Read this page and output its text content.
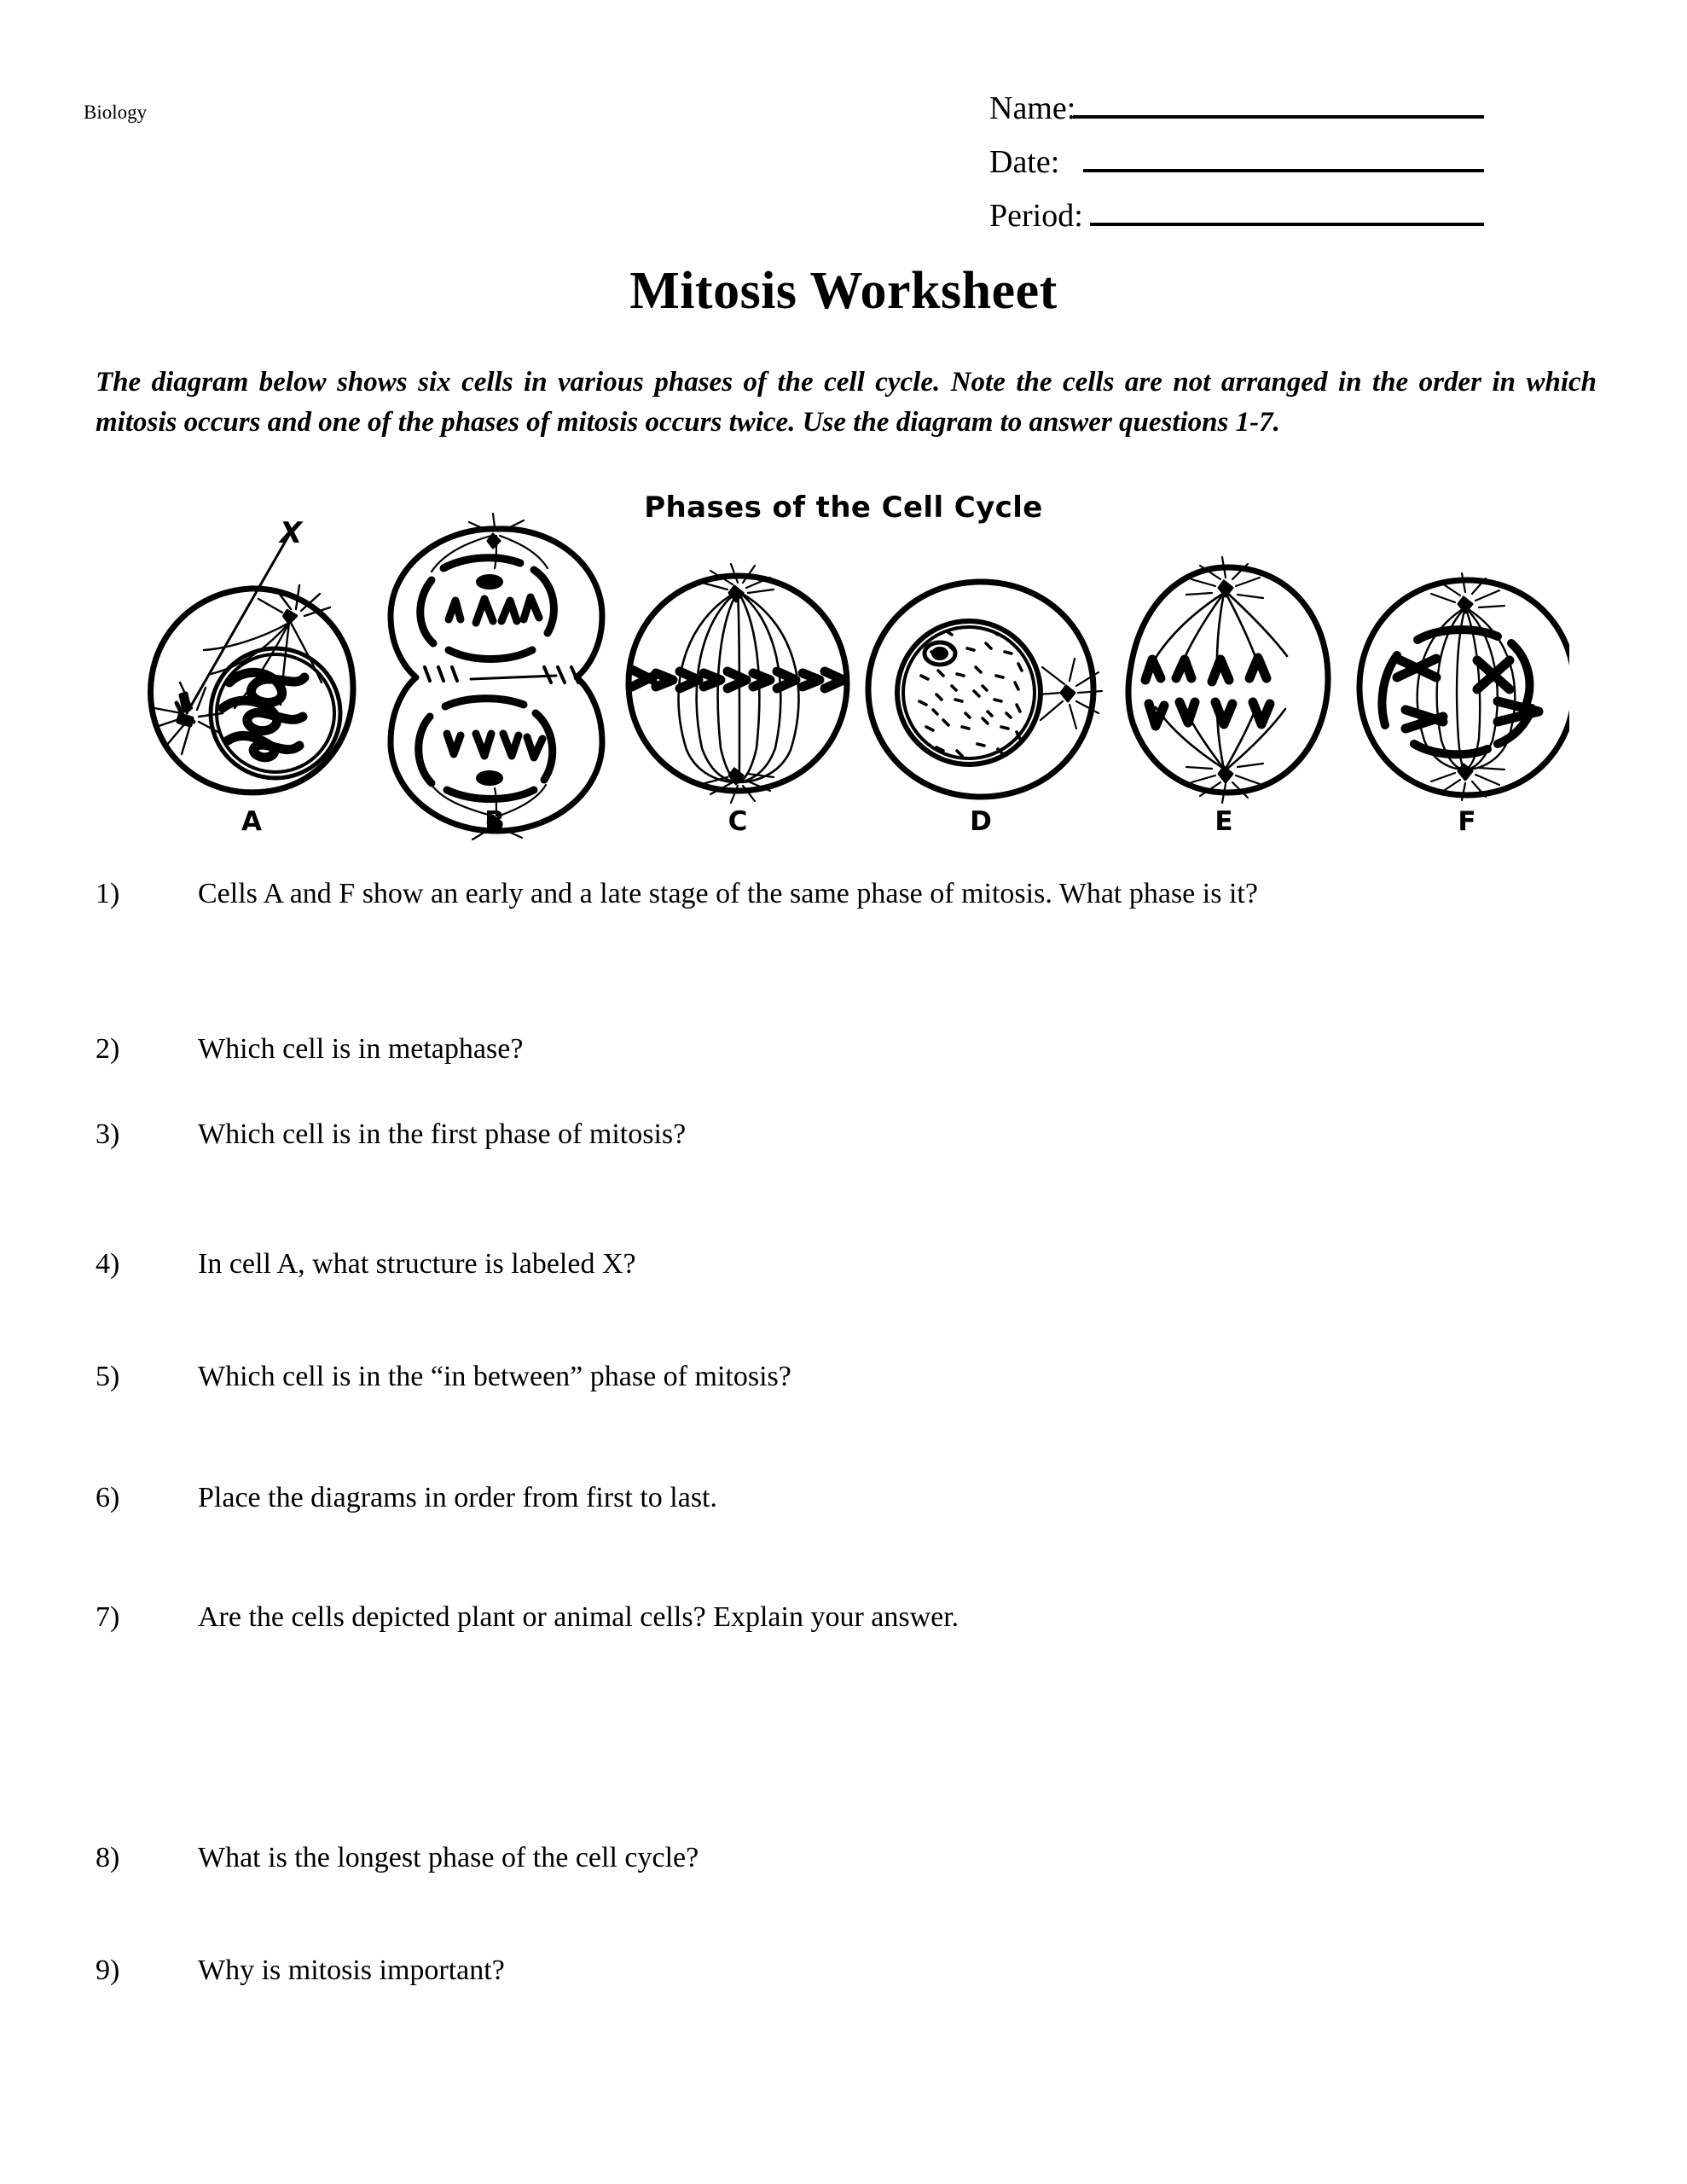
Biology	Name:
Date:
Period:
Mitosis Worksheet
The diagram below shows six cells in various phases of the cell cycle. Note the cells are not arranged in the order in which mitosis occurs and one of the phases of mitosis occurs twice. Use the diagram to answer questions 1-7.
Phases of the Cell Cycle
X
A	B	C	D	E	F
1)	Cells A and F show an early and a late stage of the same phase of mitosis. What phase is it?
2)	Which cell is in metaphase?
3)	Which cell is in the first phase of mitosis?
4)	In cell A, what structure is labeled X?
5)	Which cell is in the “in between” phase of mitosis?
6)	Place the diagrams in order from first to last.
7)	Are the cells depicted plant or animal cells? Explain your answer.
8)	What is the longest phase of the cell cycle?
9)	Why is mitosis important?
